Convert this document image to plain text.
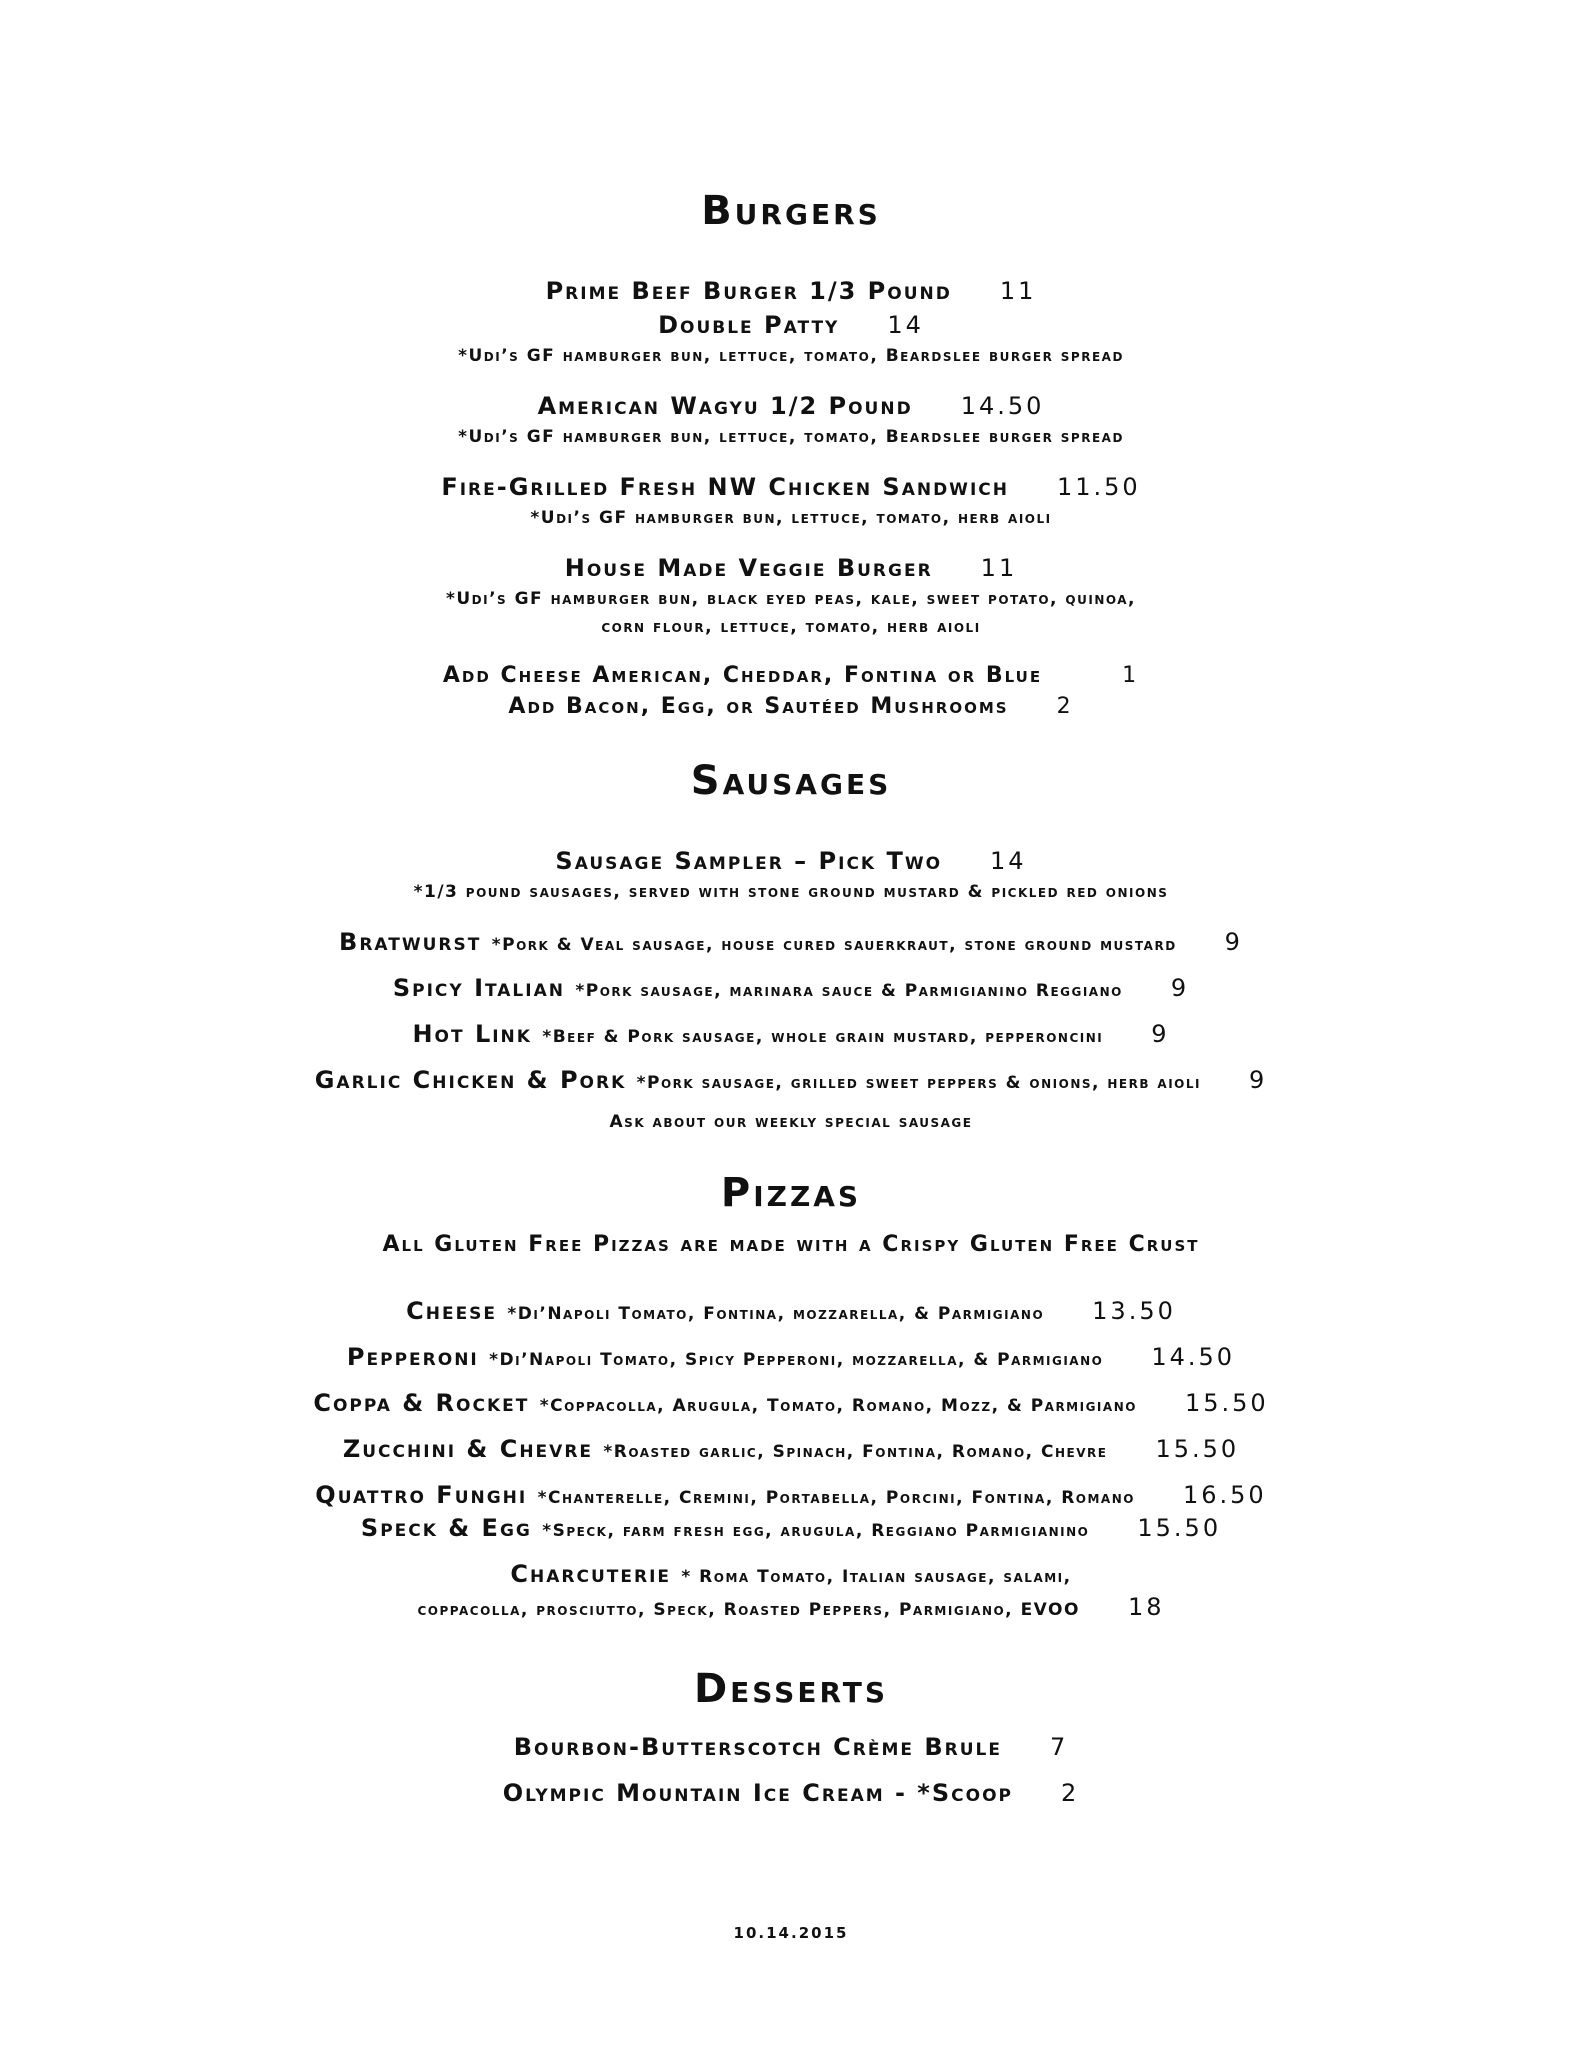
Burgers
Prime Beef Burger 1/3 Pound 11
Double Patty 14
*Udi’s GF hamburger bun, lettuce, tomato, Beardslee burger spread
American Wagyu 1/2 Pound 14.50
*Udi’s GF hamburger bun, lettuce, tomato, Beardslee burger spread
Fire-Grilled Fresh NW Chicken Sandwich 11.50
*Udi’s GF hamburger bun, lettuce, tomato, herb aioli
House Made Veggie Burger 11
*Udi’s GF hamburger bun, black eyed peas, kale, sweet potato, quinoa,
corn flour, lettuce, tomato, herb aioli
Add Cheese American, Cheddar, Fontina or Blue	1
Add Bacon, Egg, or Sautéed Mushrooms 2
Sausages
Sausage Sampler – Pick Two 14
*1/3 pound sausages, served with stone ground mustard & pickled red onions
Bratwurst *Pork & Veal sausage, house cured sauerkraut, stone ground mustard 9
Spicy Italian *Pork sausage, marinara sauce & Parmigianino Reggiano 9
Hot Link *Beef & Pork sausage, whole grain mustard, pepperoncini 9
Garlic Chicken & Pork *Pork sausage, grilled sweet peppers & onions, herb aioli 9
Ask about our weekly special sausage
Pizzas
All Gluten Free Pizzas are made with a Crispy Gluten Free Crust
Cheese *Di’Napoli Tomato, Fontina, mozzarella, & Parmigiano 13.50
Pepperoni *Di’Napoli Tomato, Spicy Pepperoni, mozzarella, & Parmigiano 14.50
Coppa & Rocket *Coppacolla, Arugula, Tomato, Romano, Mozz, & Parmigiano 15.50
Zucchini & Chevre *Roasted garlic, Spinach, Fontina, Romano, Chevre 15.50
Quattro Funghi *Chanterelle, Cremini, Portabella, Porcini, Fontina, Romano 16.50
Speck & Egg *Speck, farm fresh egg, arugula, Reggiano Parmigianino 15.50
Charcuterie * Roma Tomato, Italian sausage, salami,
coppacolla, prosciutto, Speck, Roasted Peppers, Parmigiano, EVOO 18
Desserts
Bourbon-Butterscotch Crème Brule 7
Olympic Mountain Ice Cream - *Scoop 2
10.14.2015
